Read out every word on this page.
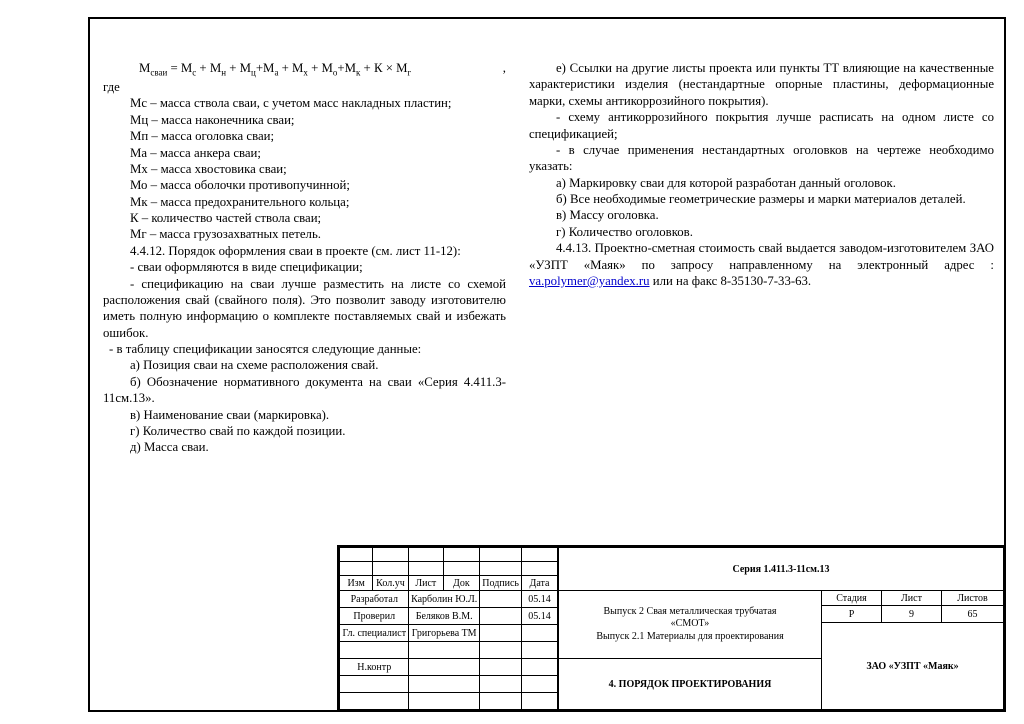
$М_{сваи} = М_с + М_н + М_ц+М_а + М_х + М_о+М_к + К \times М_г$	,

где

Мс – масса ствола сваи, с учетом масс накладных пластин;

Мц – масса наконечника сваи;

Мп – масса оголовка сваи;

Ма – масса анкера сваи;

Мх – масса хвостовика сваи;

Мо – масса оболочки противопучинной;

Мк – масса предохранительного кольца;

К – количество частей ствола сваи;

Мг – масса грузозахватных петель.

4.4.12. Порядок оформления сваи в проекте (см. лист 11-12):

- сваи оформляются в виде спецификации;

- спецификацию на сваи лучше разместить на листе со схемой расположения свай (свайного поля). Это позволит заводу изготовителю иметь полную информацию о комплекте поставляемых свай и избежать ошибок.

- в таблицу спецификации заносятся следующие данные:

а) Позиция сваи на схеме расположения свай.

б) Обозначение нормативного документа на сваи «Серия 4.411.3-11см.13».

в) Наименование сваи (маркировка).

г) Количество свай по каждой позиции.

д) Масса сваи.

е) Ссылки на другие листы проекта или пункты ТТ влияющие на качественные характеристики изделия (нестандартные опорные пластины, деформационные марки, схемы антикоррозийного покрытия).

- схему антикоррозийного покрытия лучше расписать на одном листе со спецификацией;

- в случае применения нестандартных оголовков на чертеже необходимо указать:

а) Маркировку сваи для которой разработан данный оголовок.

б) Все необходимые геометрические размеры и марки материалов деталей.

в) Массу оголовка.

г) Количество оголовков.

4.4.13. Проектно-сметная стоимость свай выдается заводом-изготовителем ЗАО «УЗПТ «Маяк» по запросу направленному на электронный адрес : va.polymer@yandex.ru или на факс 8-35130-7-33-63.

Изм	Кол.уч	Лист	Док	Подпись	Дата
Разработал		Карболин Ю.Л.			05.14
Проверил		Беляков В.М.			05.14
Гл. специалист		Григорьева ТМ			

Н.контр					

Серия 1.411.3-11см.13			

Выпуск 2 Свая металлическая трубчатая
«СМОТ»
Выпуск 2.1 Материалы для проектирования	Стадия	Лист	Листов
	Р	9	65
	ЗАО «УЗПТ «Маяк»		
4. ПОРЯДОК ПРОЕКТИРОВАНИЯ			
